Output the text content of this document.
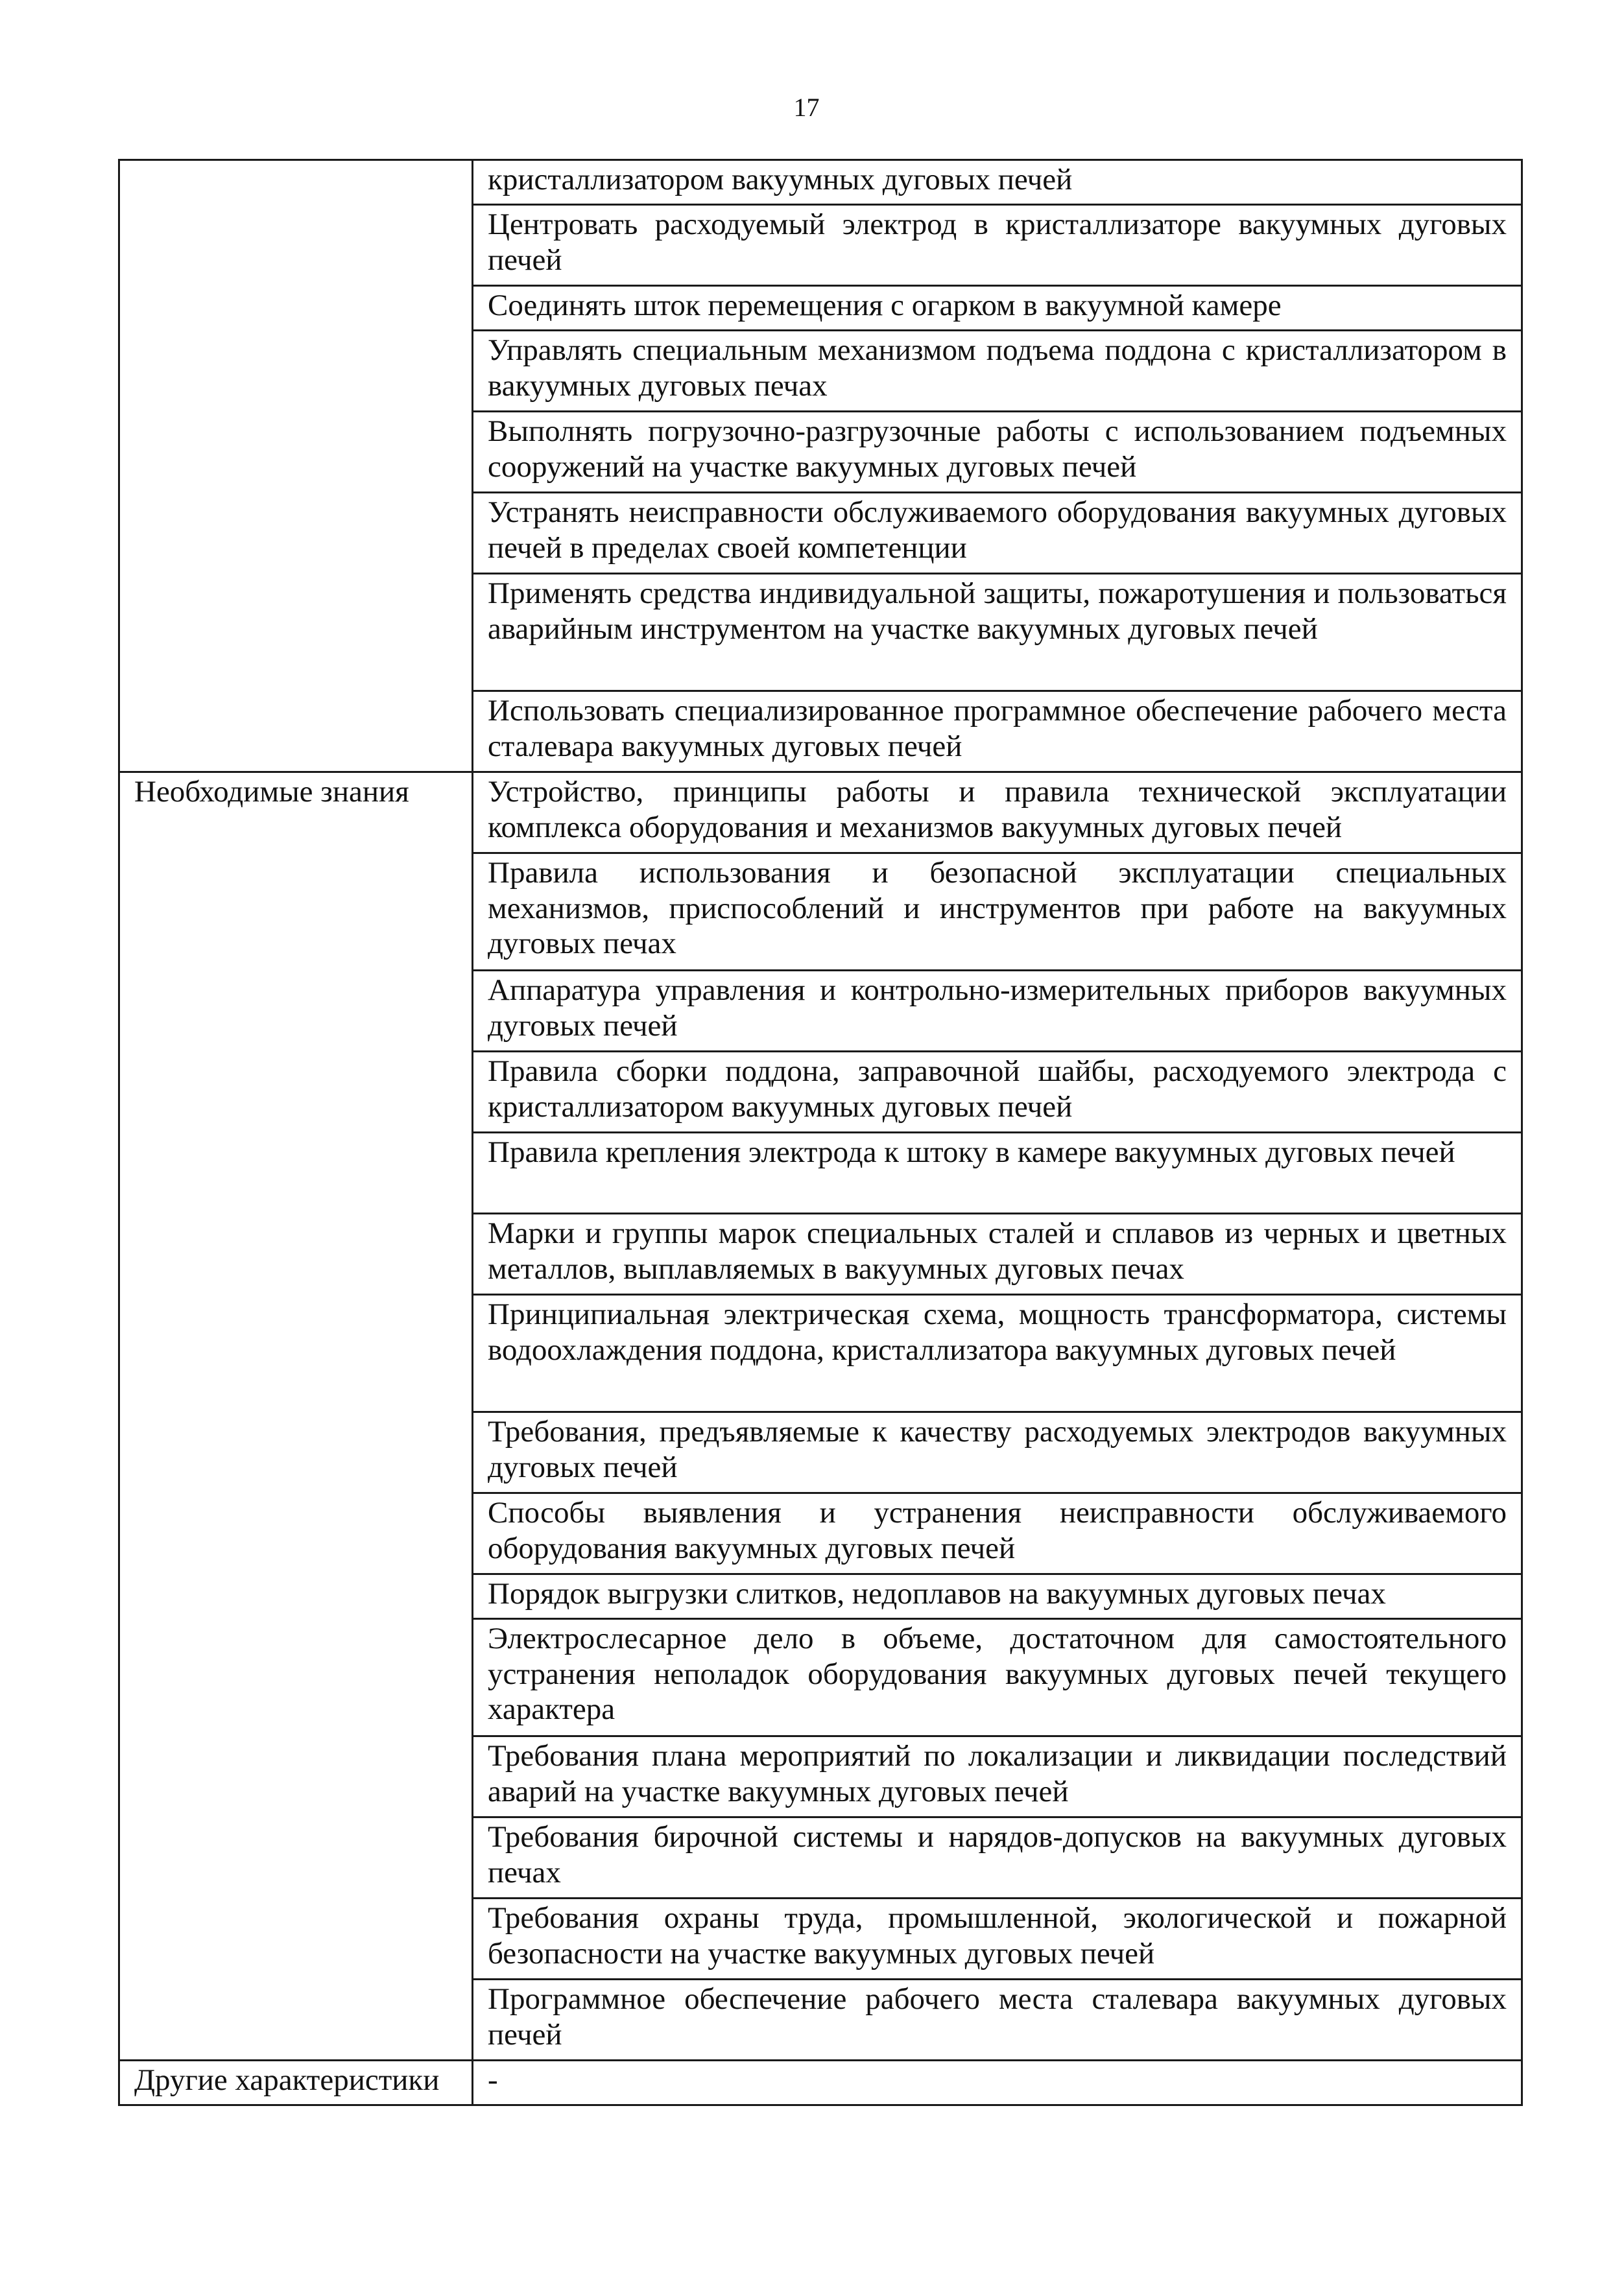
17
	кристаллизатором вакуумных дуговых печей
	Центровать расходуемый электрод в кристаллизаторе вакуумных дуговых печей
	Соединять шток перемещения с огарком в вакуумной камере
	Управлять специальным механизмом подъема поддона с кристаллизатором в вакуумных дуговых печах
	Выполнять погрузочно-разгрузочные работы с использованием подъемных сооружений на участке вакуумных дуговых печей
	Устранять неисправности обслуживаемого оборудования вакуумных дуговых печей в пределах своей компетенции
	Применять средства индивидуальной защиты, пожаротушения и пользоваться аварийным инструментом на участке вакуумных дуговых печей
	Использовать специализированное программное обеспечение рабочего места сталевара вакуумных дуговых печей
Необходимые знания	Устройство, принципы работы и правила технической эксплуатации комплекса оборудования и механизмов вакуумных дуговых печей
	Правила использования и безопасной эксплуатации специальных механизмов, приспособлений и инструментов при работе на вакуумных дуговых печах
	Аппаратура управления и контрольно-измерительных приборов вакуумных дуговых печей
	Правила сборки поддона, заправочной шайбы, расходуемого электрода с кристаллизатором вакуумных дуговых печей
	Правила крепления электрода к штоку в камере вакуумных дуговых печей
	Марки и группы марок специальных сталей и сплавов из черных и цветных металлов, выплавляемых в вакуумных дуговых печах
	Принципиальная электрическая схема, мощность трансформатора, системы водоохлаждения поддона, кристаллизатора вакуумных дуговых печей
	Требования, предъявляемые к качеству расходуемых электродов вакуумных дуговых печей
	Способы выявления и устранения неисправности обслуживаемого оборудования вакуумных дуговых печей
	Порядок выгрузки слитков, недоплавов на вакуумных дуговых печах
	Электрослесарное дело в объеме, достаточном для самостоятельного устранения неполадок оборудования вакуумных дуговых печей текущего характера
	Требования плана мероприятий по локализации и ликвидации последствий аварий на участке вакуумных дуговых печей
	Требования бирочной системы и нарядов-допусков на вакуумных дуговых печах
	Требования охраны труда, промышленной, экологической и пожарной безопасности на участке вакуумных дуговых печей
	Программное обеспечение рабочего места сталевара вакуумных дуговых печей
Другие характеристики	-
